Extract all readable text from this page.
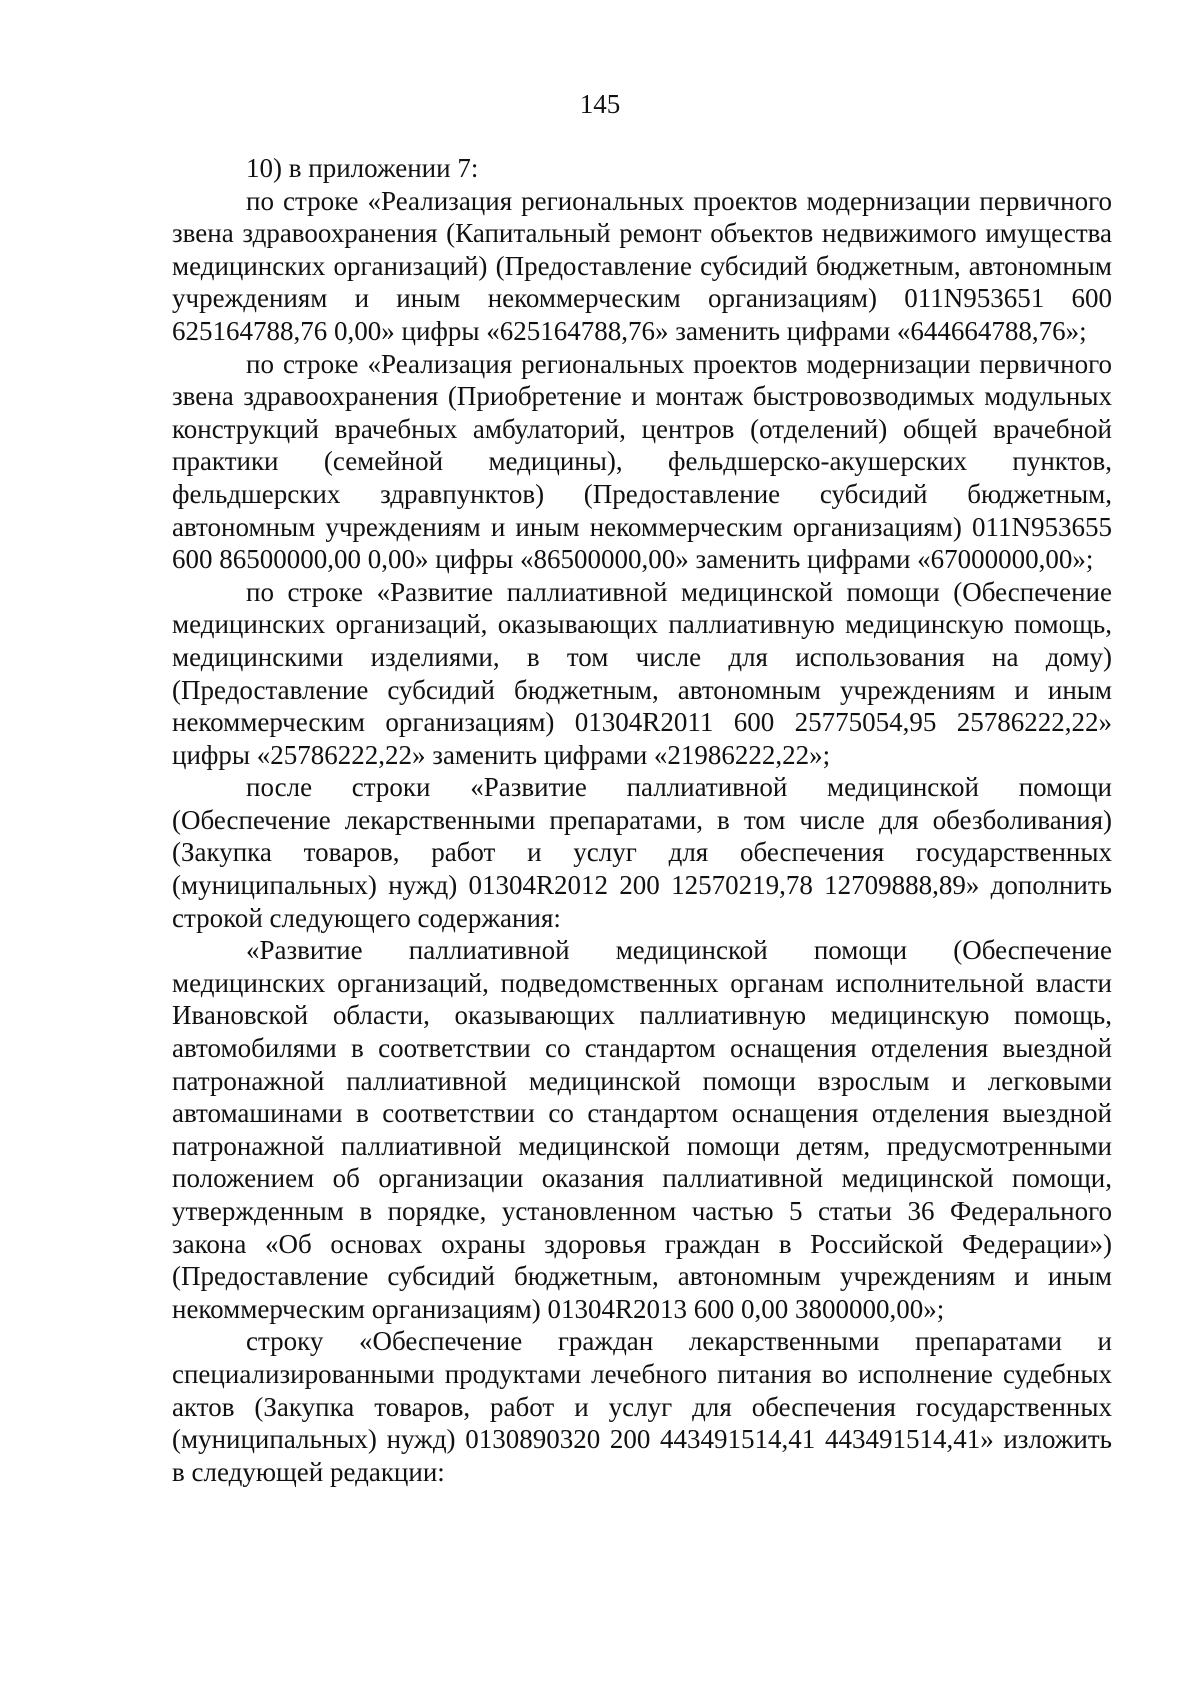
145

10) в приложении 7:

по строке «Реализация региональных проектов модернизации первичного звена здравоохранения (Капитальный ремонт объектов недвижимого имущества медицинских организаций) (Предоставление субсидий бюджетным, автономным учреждениям и иным некоммерческим организациям) 011N953651 600 625164788,76 0,00» цифры «625164788,76» заменить цифрами «644664788,76»;

по строке «Реализация региональных проектов модернизации первичного звена здравоохранения (Приобретение и монтаж быстровозводимых модульных конструкций врачебных амбулаторий, центров (отделений) общей врачебной практики (семейной медицины), фельдшерско-акушерских пунктов, фельдшерских здравпунктов) (Предоставление субсидий бюджетным, автономным учреждениям и иным некоммерческим организациям) 011N953655 600 86500000,00 0,00» цифры «86500000,00» заменить цифрами «67000000,00»;

по строке «Развитие паллиативной медицинской помощи (Обеспечение медицинских организаций, оказывающих паллиативную медицинскую помощь, медицинскими изделиями, в том числе для использования на дому) (Предоставление субсидий бюджетным, автономным учреждениям и иным некоммерческим организациям) 01304R2011 600 25775054,95 25786222,22» цифры «25786222,22» заменить цифрами «21986222,22»;

после строки «Развитие паллиативной медицинской помощи (Обеспечение лекарственными препаратами, в том числе для обезболивания) (Закупка товаров, работ и услуг для обеспечения государственных (муниципальных) нужд) 01304R2012 200 12570219,78 12709888,89» дополнить строкой следующего содержания:

«Развитие паллиативной медицинской помощи (Обеспечение медицинских организаций, подведомственных органам исполнительной власти Ивановской области, оказывающих паллиативную медицинскую помощь, автомобилями в соответствии со стандартом оснащения отделения выездной патронажной паллиативной медицинской помощи взрослым и легковыми автомашинами в соответствии со стандартом оснащения отделения выездной патронажной паллиативной медицинской помощи детям, предусмотренными положением об организации оказания паллиативной медицинской помощи, утвержденным в порядке, установленном частью 5 статьи 36 Федерального закона «Об основах охраны здоровья граждан в Российской Федерации») (Предоставление субсидий бюджетным, автономным учреждениям и иным некоммерческим организациям) 01304R2013 600 0,00 3800000,00»;

строку «Обеспечение граждан лекарственными препаратами и специализированными продуктами лечебного питания во исполнение судебных актов (Закупка товаров, работ и услуг для обеспечения государственных (муниципальных) нужд) 0130890320 200 443491514,41 443491514,41» изложить в следующей редакции:
